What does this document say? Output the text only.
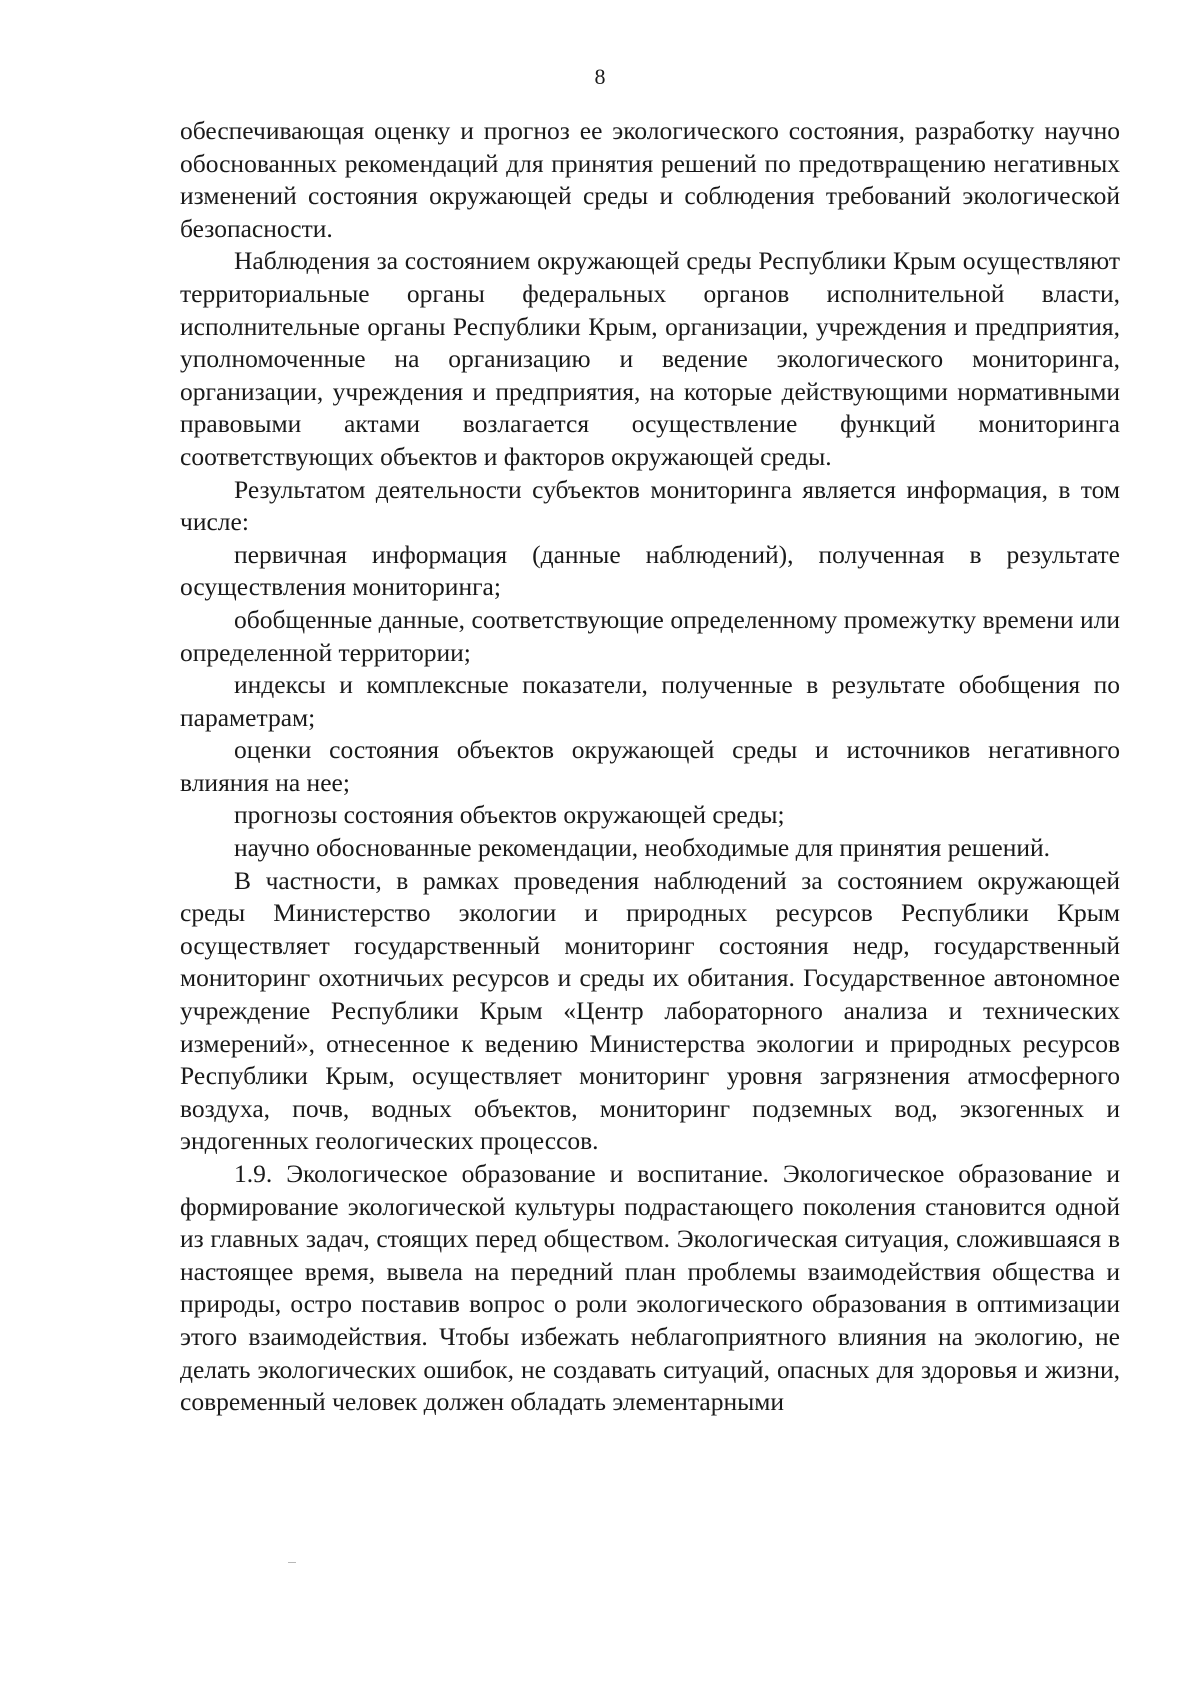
8

обеспечивающая оценку и прогноз ее экологического состояния, разработку научно обоснованных рекомендаций для принятия решений по предотвращению негативных изменений состояния окружающей среды и соблюдения требований экологической безопасности.

Наблюдения за состоянием окружающей среды Республики Крым осуществляют территориальные органы федеральных органов исполнительной власти, исполнительные органы Республики Крым, организации, учреждения и предприятия, уполномоченные на организацию и ведение экологического мониторинга, организации, учреждения и предприятия, на которые действующими нормативными правовыми актами возлагается осуществление функций мониторинга соответствующих объектов и факторов окружающей среды.

Результатом деятельности субъектов мониторинга является информация, в том числе:

первичная информация (данные наблюдений), полученная в результате осуществления мониторинга;

обобщенные данные, соответствующие определенному промежутку времени или определенной территории;

индексы и комплексные показатели, полученные в результате обобщения по параметрам;

оценки состояния объектов окружающей среды и источников негативного влияния на нее;

прогнозы состояния объектов окружающей среды;

научно обоснованные рекомендации, необходимые для принятия решений.

В частности, в рамках проведения наблюдений за состоянием окружающей среды Министерство экологии и природных ресурсов Республики Крым осуществляет государственный мониторинг состояния недр, государственный мониторинг охотничьих ресурсов и среды их обитания. Государственное автономное учреждение Республики Крым «Центр лабораторного анализа и технических измерений», отнесенное к ведению Министерства экологии и природных ресурсов Республики Крым, осуществляет мониторинг уровня загрязнения атмосферного воздуха, почв, водных объектов, мониторинг подземных вод, экзогенных и эндогенных геологических процессов.

1.9. Экологическое образование и воспитание. Экологическое образование и формирование экологической культуры подрастающего поколения становится одной из главных задач, стоящих перед обществом. Экологическая ситуация, сложившаяся в настоящее время, вывела на передний план проблемы взаимодействия общества и природы, остро поставив вопрос о роли экологического образования в оптимизации этого взаимодействия. Чтобы избежать неблагоприятного влияния на экологию, не делать экологических ошибок, не создавать ситуаций, опасных для здоровья и жизни, современный человек должен обладать элементарными
